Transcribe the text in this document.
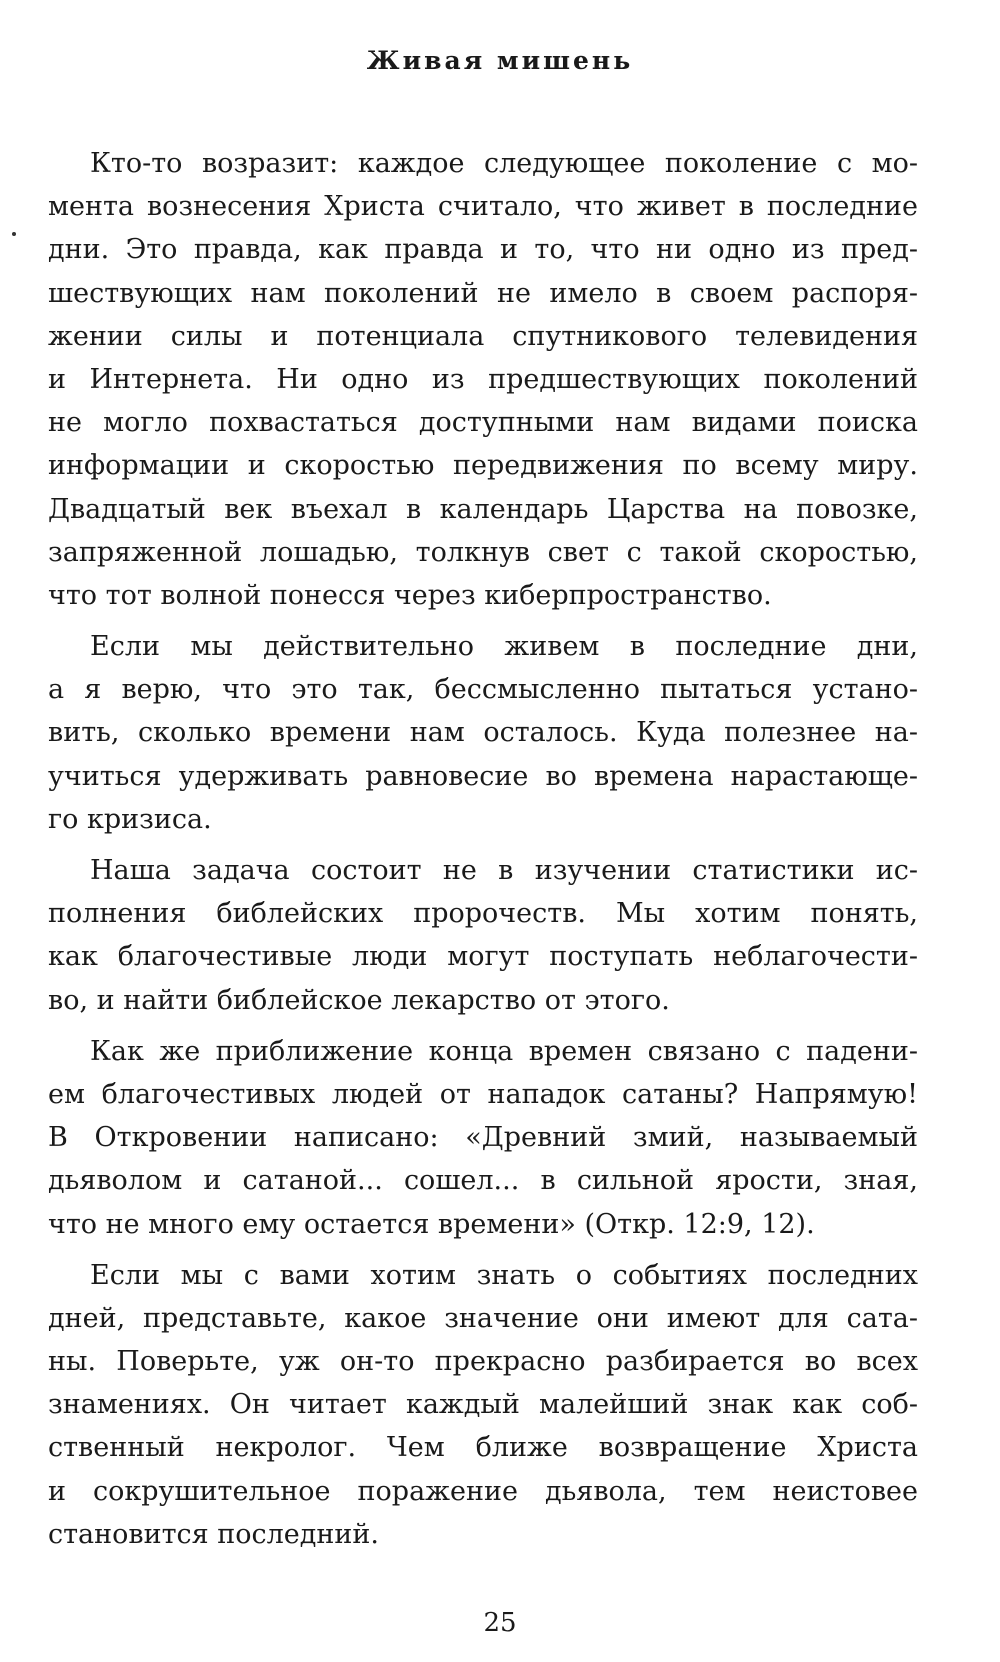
Живая мишень
Кто-то возразит: каждое следующее поколение с мо-
мента вознесения Христа считало, что живет в последние
дни. Это правда, как правда и то, что ни одно из пред-
шествующих нам поколений не имело в своем распоря-
жении силы и потенциала спутникового телевидения
и Интернета. Ни одно из предшествующих поколений
не могло похвастаться доступными нам видами поиска
информации и скоростью передвижения по всему миру.
Двадцатый век въехал в календарь Царства на повозке,
запряженной лошадью, толкнув свет с такой скоростью,
что тот волной понесся через киберпространство.
Если мы действительно живем в последние дни,
а я верю, что это так, бессмысленно пытаться устано-
вить, сколько времени нам осталось. Куда полезнее на-
учиться удерживать равновесие во времена нарастающе-
го кризиса.
Наша задача состоит не в изучении статистики ис-
полнения библейских пророчеств. Мы хотим понять,
как благочестивые люди могут поступать неблагочести-
во, и найти библейское лекарство от этого.
Как же приближение конца времен связано с падени-
ем благочестивых людей от нападок сатаны? Напрямую!
В Откровении написано: «Древний змий, называемый
дьяволом и сатаной... сошел... в сильной ярости, зная,
что не много ему остается времени» (Откр. 12:9, 12).
Если мы с вами хотим знать о событиях последних
дней, представьте, какое значение они имеют для сата-
ны. Поверьте, уж он-то прекрасно разбирается во всех
знамениях. Он читает каждый малейший знак как соб-
ственный некролог. Чем ближе возвращение Христа
и сокрушительное поражение дьявола, тем неистовее
становится последний.
25
